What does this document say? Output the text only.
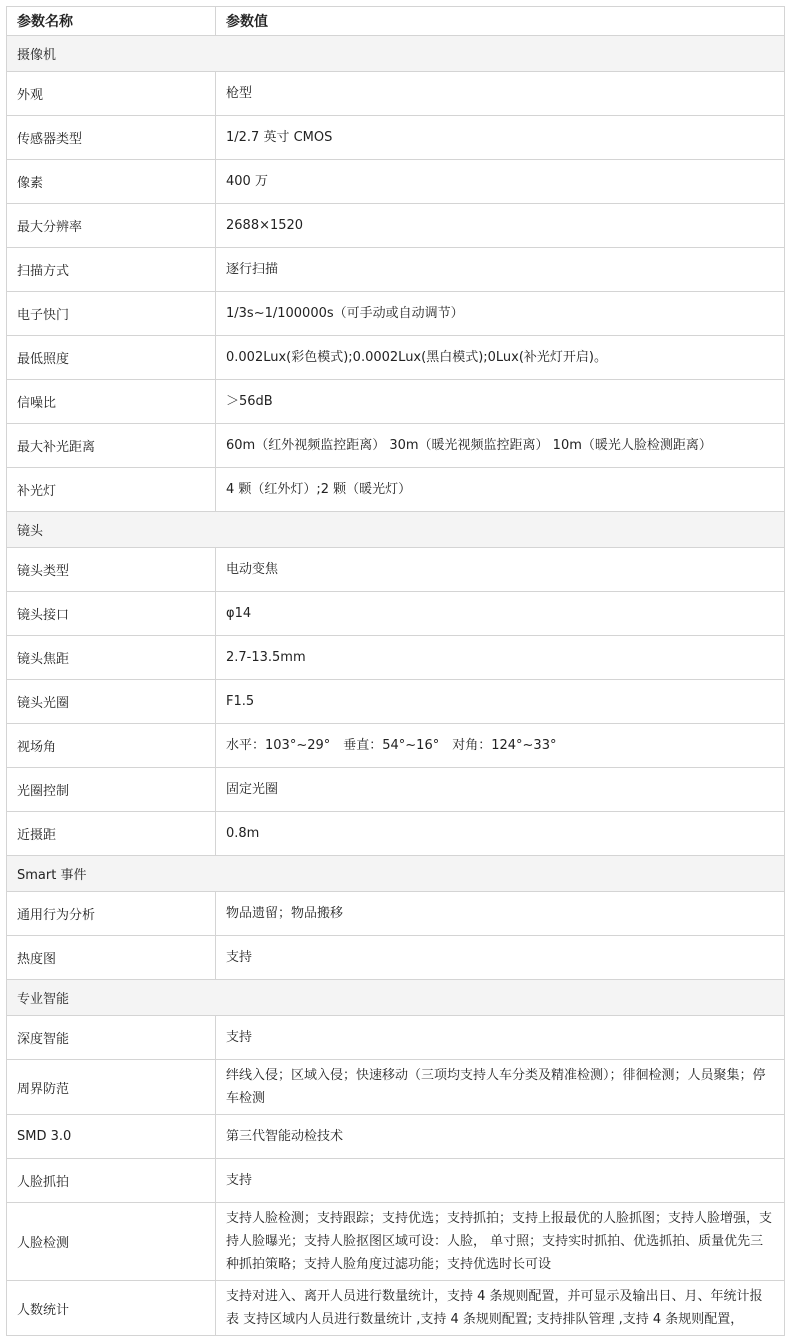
参数名称	参数值
摄像机	
外观	枪型
传感器类型	1/2.7 英寸 CMOS
像素	400 万
最大分辨率	2688×1520
扫描方式	逐行扫描
电子快门	1/3s~1/100000s（可手动或自动调节）
最低照度	0.002Lux(彩色模式);0.0002Lux(黑白模式);0Lux(补光灯开启)。
信噪比	＞56dB
最大补光距离	60m（红外视频监控距离） 30m（暖光视频监控距离） 10m（暖光人脸检测距离）
补光灯	4 颗（红外灯）;2 颗（暖光灯）
镜头	
镜头类型	电动变焦
镜头接口	φ14
镜头焦距	2.7-13.5mm
镜头光圈	F1.5
视场角	水平：103°~29°　垂直：54°~16°　对角：124°~33°
光圈控制	固定光圈
近摄距	0.8m
Smart 事件	
通用行为分析	物品遗留；物品搬移
热度图	支持
专业智能	
深度智能	支持
周界防范	绊线入侵；区域入侵；快速移动（三项均支持人车分类及精准检测）；徘徊检测；人员聚集；停车检测
SMD 3.0	第三代智能动检技术
人脸抓拍	支持
人脸检测	支持人脸检测；支持跟踪；支持优选；支持抓拍；支持上报最优的人脸抓图；支持人脸增强，支持人脸曝光；支持人脸抠图区域可设：人脸， 单寸照；支持实时抓拍、优选抓拍、质量优先三种抓拍策略；支持人脸角度过滤功能；支持优选时长可设
人数统计	支持对进入、离开人员进行数量统计，支持 4 条规则配置，并可显示及输出日、月、年统计报表 支持区域内人员进行数量统计 ,支持 4 条规则配置; 支持排队管理 ,支持 4 条规则配置，
